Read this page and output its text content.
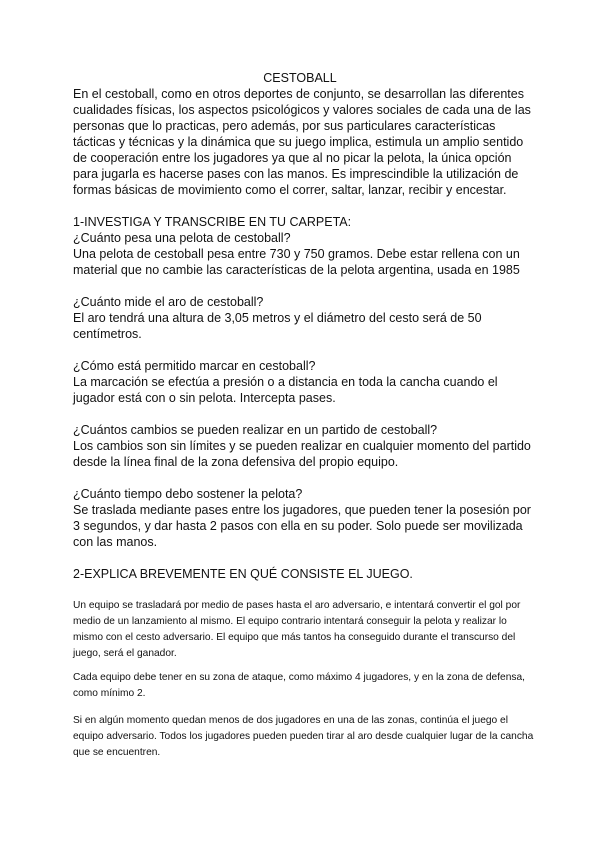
CESTOBALL

En el cestoball, como en otros deportes de conjunto, se desarrollan las diferentes cualidades físicas, los aspectos psicológicos y valores sociales de cada una de las personas que lo practicas, pero además, por sus particulares características tácticas y técnicas y la dinámica que su juego implica, estimula un amplio sentido de cooperación entre los jugadores ya que al no picar la pelota, la única opción para jugarla es hacerse pases con las manos. Es imprescindible la utilización de formas básicas de movimiento como el correr, saltar, lanzar, recibir y encestar.

1-INVESTIGA Y TRANSCRIBE EN TU CARPETA:

¿Cuánto pesa una pelota de cestoball?

Una pelota de cestoball pesa entre 730 y 750 gramos. Debe estar rellena con un material que no cambie las características de la pelota argentina, usada en 1985

¿Cuánto mide el aro de cestoball?

El aro tendrá una altura de 3,05 metros y el diámetro del cesto será de 50 centímetros.

¿Cómo está permitido marcar en cestoball?

La marcación se efectúa a presión o a distancia en toda la cancha cuando el jugador está con o sin pelota. Intercepta pases.

¿Cuántos cambios se pueden realizar en un partido de cestoball?

Los cambios son sin límites y se pueden realizar en cualquier momento del partido desde la línea final de la zona defensiva del propio equipo.

¿Cuánto tiempo debo sostener la pelota?

Se traslada mediante pases entre los jugadores, que pueden tener la posesión por 3 segundos, y dar hasta 2 pasos con ella en su poder. Solo puede ser movilizada con las manos.

2-EXPLICA BREVEMENTE EN QUÉ CONSISTE EL JUEGO.

Un equipo se trasladará por medio de pases hasta el aro adversario, e intentará convertir el gol por medio de un lanzamiento al mismo. El equipo contrario intentará conseguir la pelota y realizar lo mismo con el cesto adversario. El equipo que más tantos ha conseguido durante el transcurso del juego, será el ganador.

Cada equipo debe tener en su zona de ataque, como máximo 4 jugadores, y en la zona de defensa, como mínimo 2.

Si en algún momento quedan menos de dos jugadores en una de las zonas, continúa el juego el equipo adversario. Todos los jugadores pueden pueden tirar al aro desde cualquier lugar de la cancha que se encuentren.
